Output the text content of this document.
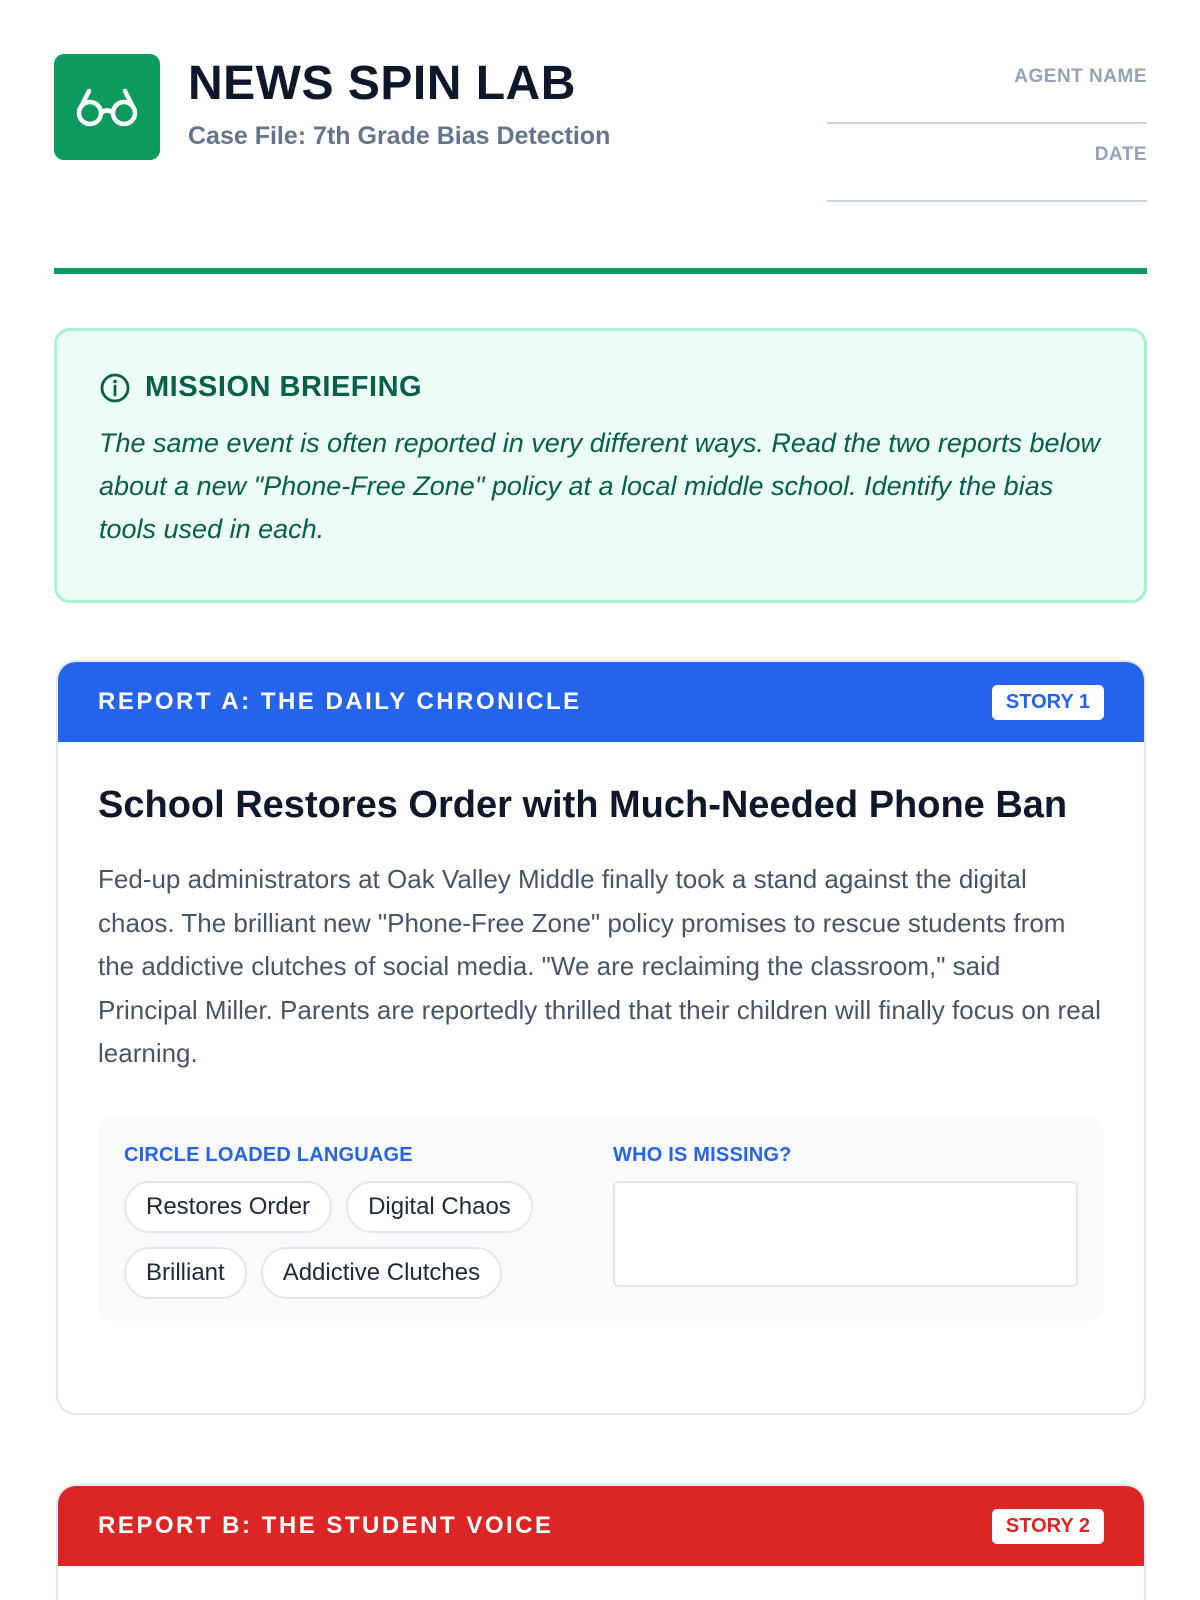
NEWS SPIN LAB
Case File: 7th Grade Bias Detection
AGENT NAME
DATE
MISSION BRIEFING

The same event is often reported in very different ways. Read the two reports below about a new "Phone-Free Zone" policy at a local middle school. Identify the bias tools used in each.

REPORT A: THE DAILY CHRONICLE	STORY 1
School Restores Order with Much-Needed Phone Ban

Fed-up administrators at Oak Valley Middle finally took a stand against the digital chaos. The brilliant new "Phone-Free Zone" policy promises to rescue students from the addictive clutches of social media. "We are reclaiming the classroom," said Principal Miller. Parents are reportedly thrilled that their children will finally focus on real learning.

CIRCLE LOADED LANGUAGE
Restores Order	Digital Chaos
Brilliant	Addictive Clutches
WHO IS MISSING?
REPORT B: THE STUDENT VOICE	STORY 2
